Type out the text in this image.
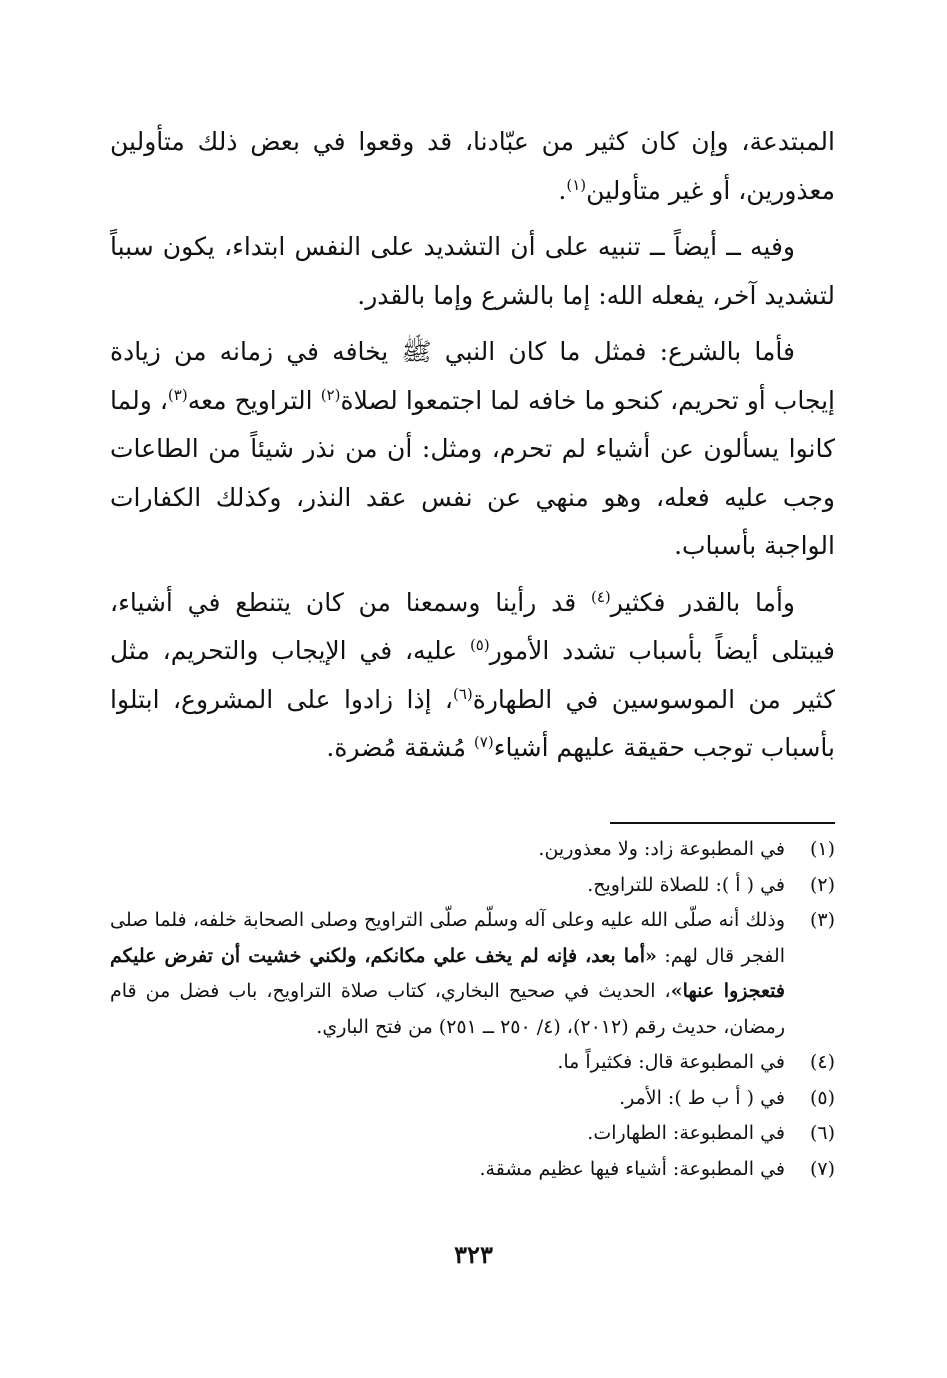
المبتدعة، وإن كان كثير من عبّادنا، قد وقعوا في بعض ذلك متأولين معذورين، أو غير متأولين$^{(١)}$.

وفيه ــ أيضاً ــ تنبيه على أن التشديد على النفس ابتداء، يكون سبباً لتشديد آخر، يفعله الله: إما بالشرع وإما بالقدر.

فأما بالشرع: فمثل ما كان النبي ﷺ يخافه في زمانه من زيادة إيجاب أو تحريم، كنحو ما خافه لما اجتمعوا لصلاة$^{(٢)}$ التراويح معه$^{(٣)}$، ولما كانوا يسألون عن أشياء لم تحرم، ومثل: أن من نذر شيئاً من الطاعات وجب عليه فعله، وهو منهي عن نفس عقد النذر، وكذلك الكفارات الواجبة بأسباب.

وأما بالقدر فكثير$^{(٤)}$ قد رأينا وسمعنا من كان يتنطع في أشياء، فيبتلى أيضاً بأسباب تشدد الأمور$^{(٥)}$ عليه، في الإيجاب والتحريم، مثل كثير من الموسوسين في الطهارة$^{(٦)}$، إذا زادوا على المشروع، ابتلوا بأسباب توجب حقيقة عليهم أشياء$^{(٧)}$ مُشقة مُضرة.

(١)
في المطبوعة زاد: ولا معذورين.
(٢)
في ( أ ): للصلاة للتراويح.
(٣)
وذلك أنه صلّى الله عليه وعلى آله وسلّم صلّى التراويح وصلى الصحابة خلفه، فلما صلى الفجر قال لهم: «أما بعد، فإنه لم يخف علي مكانكم، ولكني خشيت أن تفرض عليكم فتعجزوا عنها»، الحديث في صحيح البخاري، كتاب صلاة التراويح، باب فضل من قام رمضان، حديث رقم (٢٠١٢)، (٤/ ٢٥٠ ــ ٢٥١) من فتح الباري.
(٤)
في المطبوعة قال: فكثيراً ما.
(٥)
في ( أ ب ط ): الأمر.
(٦)
في المطبوعة: الطهارات.
(٧)
في المطبوعة: أشياء فيها عظيم مشقة.
٣٢٣
